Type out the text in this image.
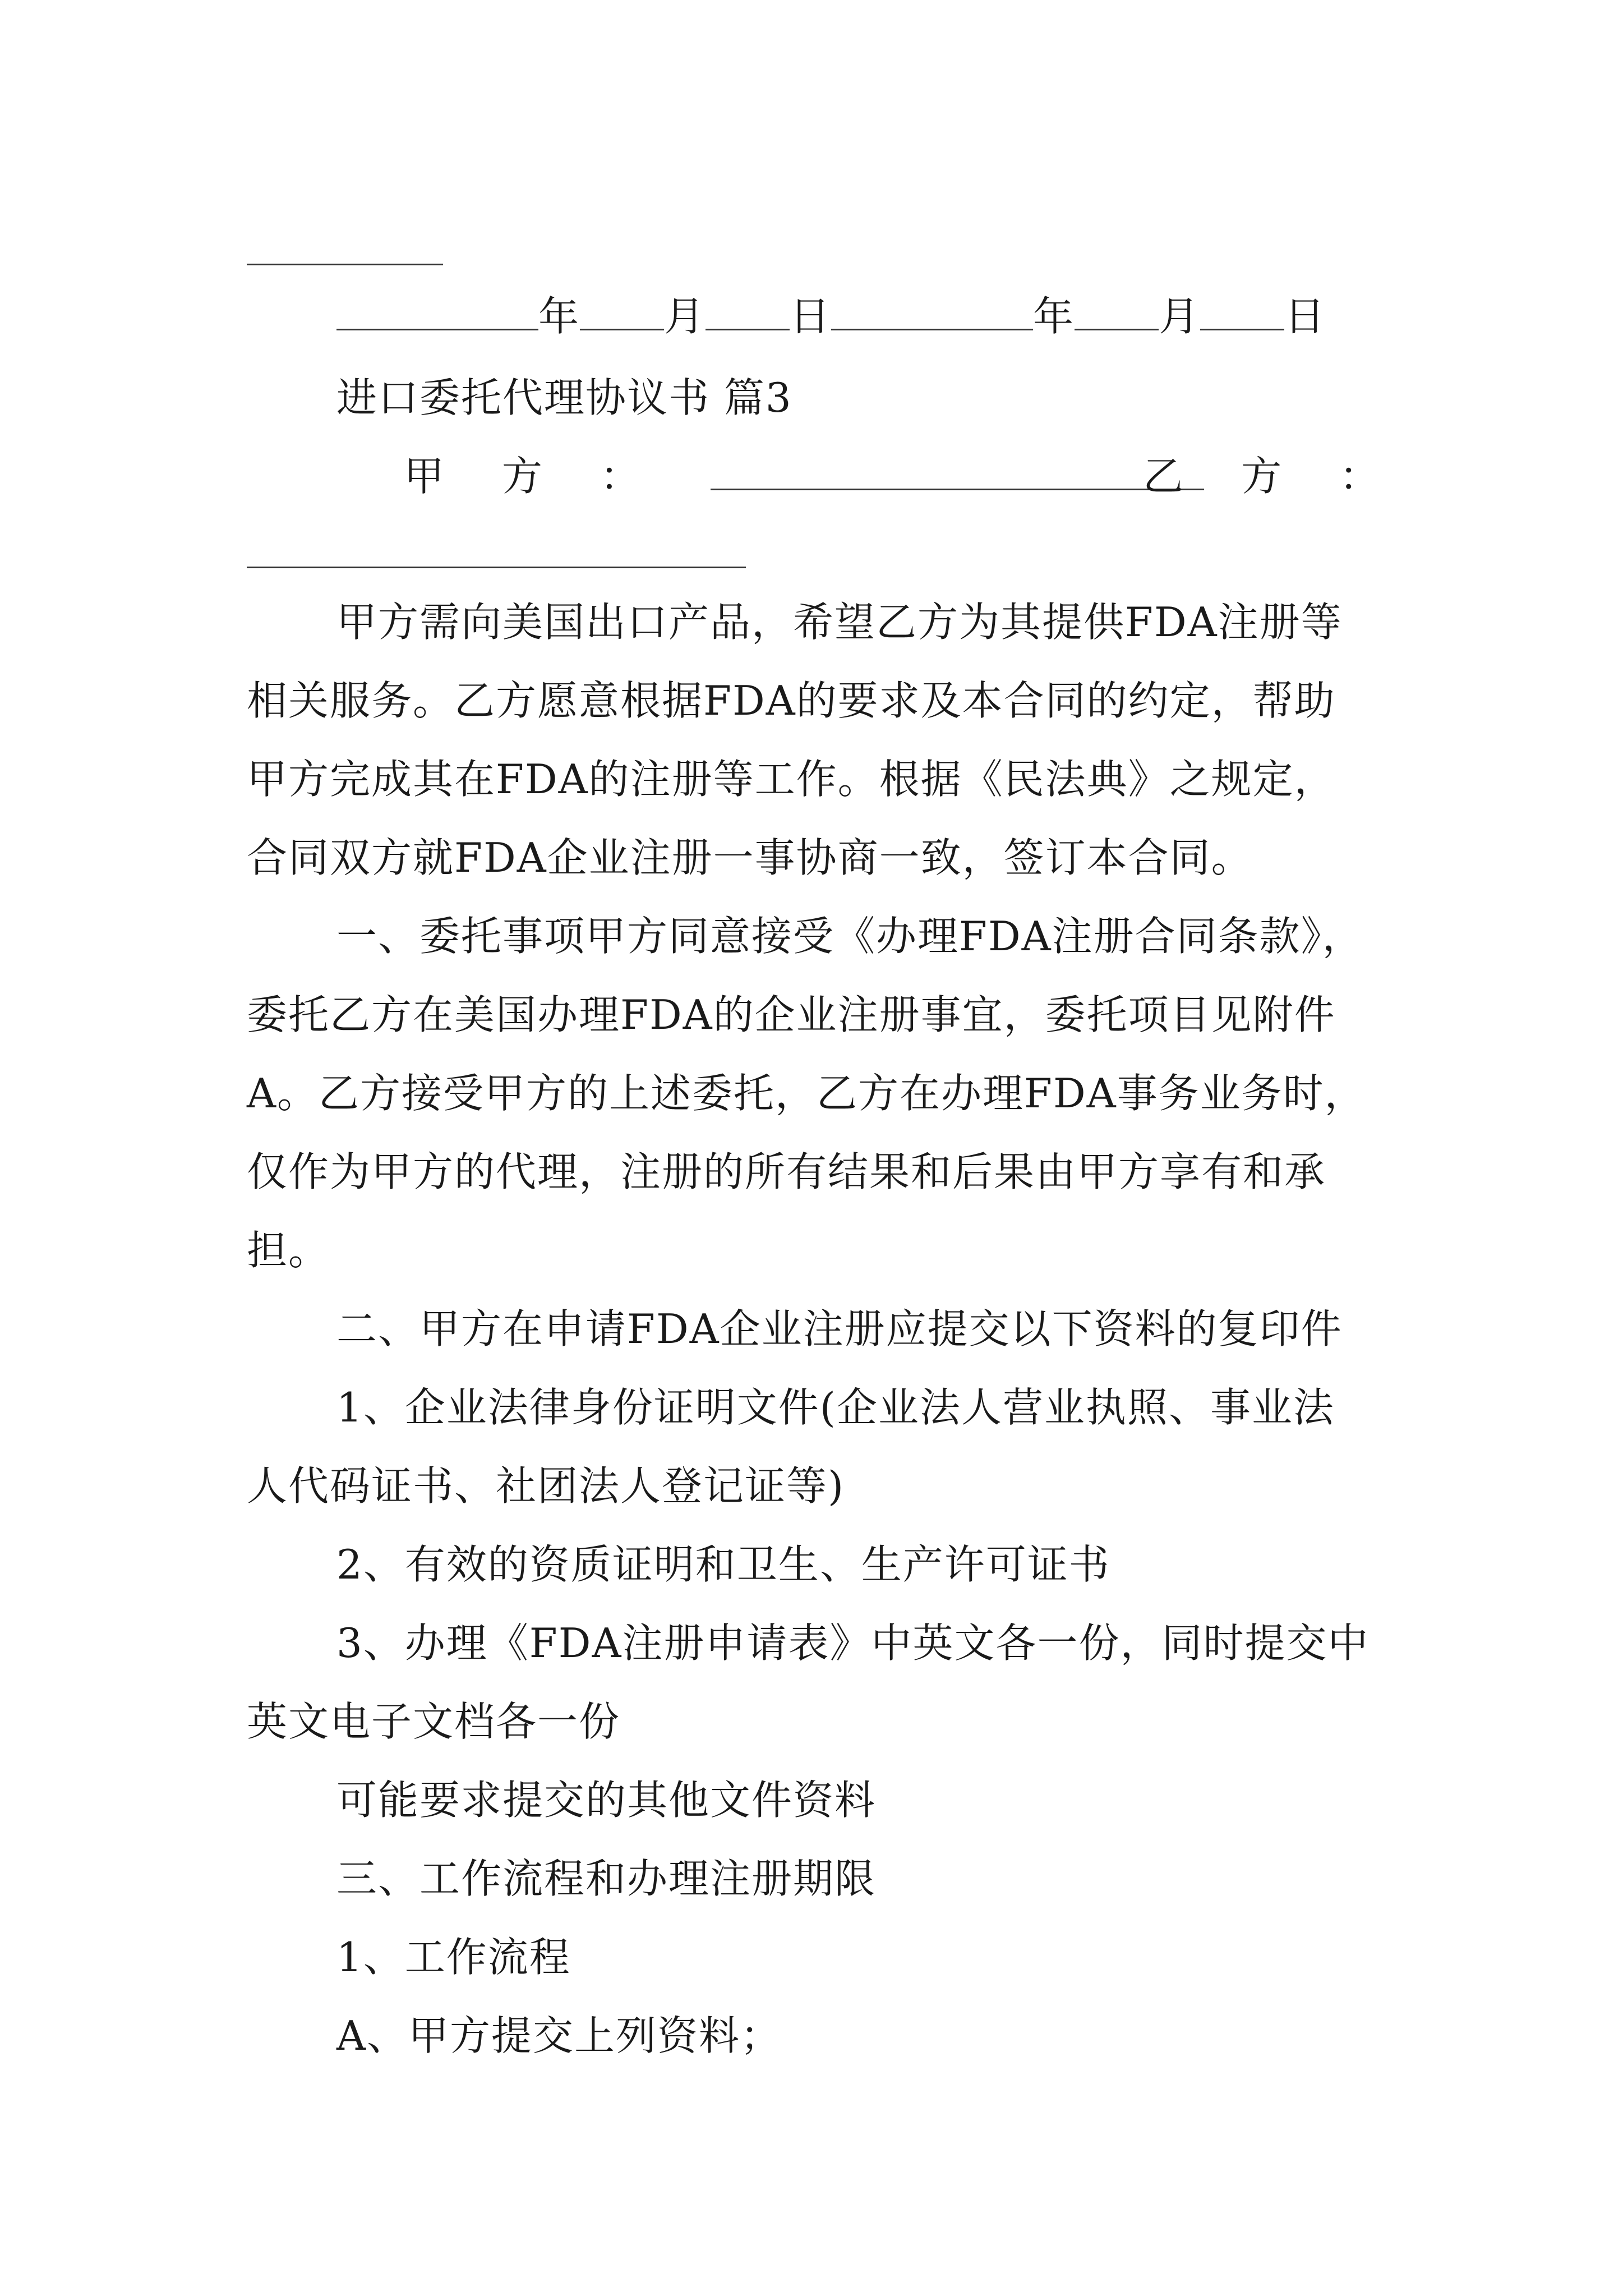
年 月 日	年 月 日
进口委托代理协议书 篇3
甲 方 ：	乙 方 ：
甲方需向美国出口产品，希望乙方为其提供FDA注册等
相关服务。乙方愿意根据FDA的要求及本合同的约定，帮助
甲方完成其在FDA的注册等工作。根据《民法典》之规定，
合同双方就FDA企业注册一事协商一致，签订本合同。
一、委托事项甲方同意接受《办理FDA注册合同条款》，
委托乙方在美国办理FDA的企业注册事宜，委托项目见附件
A。乙方接受甲方的上述委托，乙方在办理FDA事务业务时，
仅作为甲方的代理，注册的所有结果和后果由甲方享有和承
担。
二、甲方在申请FDA企业注册应提交以下资料的复印件
1、企业法律身份证明文件(企业法人营业执照、事业法
人代码证书、社团法人登记证等)
2、有效的资质证明和卫生、生产许可证书
3、办理《FDA注册申请表》中英文各一份，同时提交中
英文电子文档各一份
可能要求提交的其他文件资料
三、工作流程和办理注册期限
1、工作流程
A、甲方提交上列资料；
